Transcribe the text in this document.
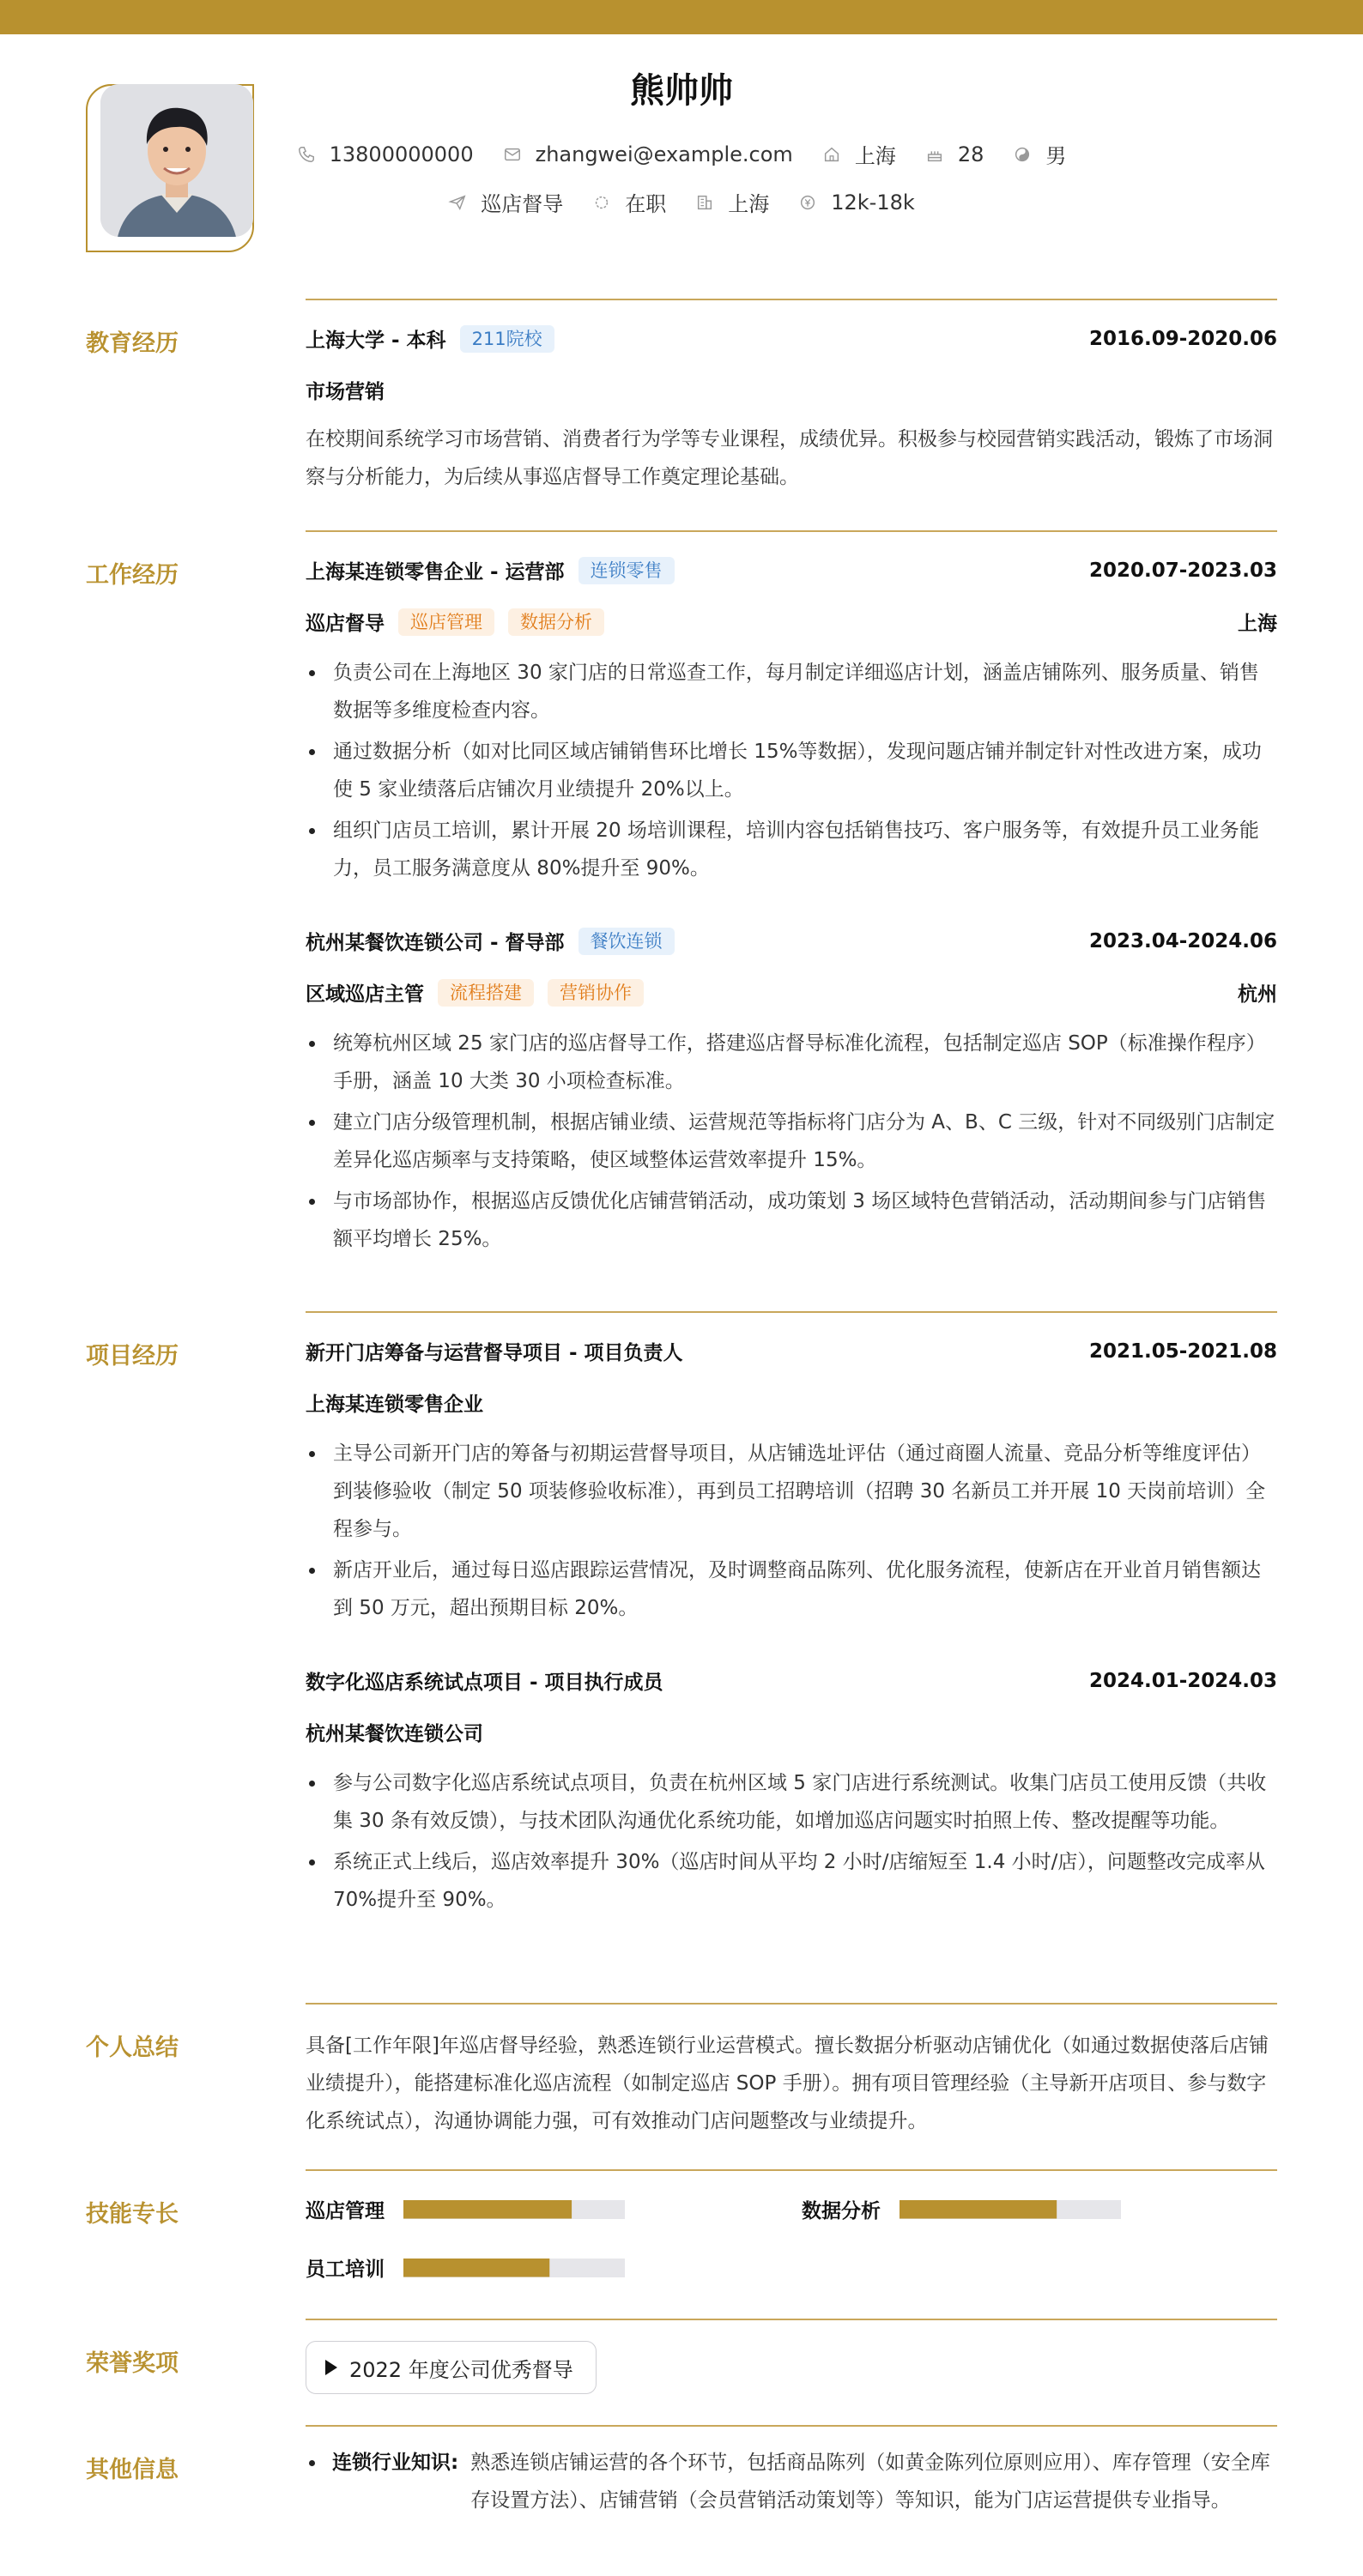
熊帅帅
13800000000	zhangwei@example.com	上海	28	男
巡店督导	在职	上海	12k-18k
教育经历	上海大学 - 本科	211院校	2016.09-2020.06
市场营销
在校期间系统学习市场营销、消费者行为学等专业课程，成绩优异。积极参与校园营销实践活动，锻炼了市场洞察与分析能力，为后续从事巡店督导工作奠定理论基础。
工作经历	上海某连锁零售企业 - 运营部	连锁零售	2020.07-2023.03
巡店督导	巡店管理	数据分析	上海
负责公司在上海地区 30 家门店的日常巡查工作，每月制定详细巡店计划，涵盖店铺陈列、服务质量、销售数据等多维度检查内容。
通过数据分析（如对比同区域店铺销售环比增长 15%等数据），发现问题店铺并制定针对性改进方案，成功使 5 家业绩落后店铺次月业绩提升 20%以上。
组织门店员工培训，累计开展 20 场培训课程，培训内容包括销售技巧、客户服务等，有效提升员工业务能力，员工服务满意度从 80%提升至 90%。
杭州某餐饮连锁公司 - 督导部	餐饮连锁	2023.04-2024.06
区域巡店主管	流程搭建	营销协作	杭州
统筹杭州区域 25 家门店的巡店督导工作，搭建巡店督导标准化流程，包括制定巡店 SOP（标准操作程序）手册，涵盖 10 大类 30 小项检查标准。
建立门店分级管理机制，根据店铺业绩、运营规范等指标将门店分为 A、B、C 三级，针对不同级别门店制定差异化巡店频率与支持策略，使区域整体运营效率提升 15%。
与市场部协作，根据巡店反馈优化店铺营销活动，成功策划 3 场区域特色营销活动，活动期间参与门店销售额平均增长 25%。
项目经历	新开门店筹备与运营督导项目 - 项目负责人	2021.05-2021.08
上海某连锁零售企业
主导公司新开门店的筹备与初期运营督导项目，从店铺选址评估（通过商圈人流量、竞品分析等维度评估）到装修验收（制定 50 项装修验收标准），再到员工招聘培训（招聘 30 名新员工并开展 10 天岗前培训）全程参与。
新店开业后，通过每日巡店跟踪运营情况，及时调整商品陈列、优化服务流程，使新店在开业首月销售额达到 50 万元，超出预期目标 20%。
数字化巡店系统试点项目 - 项目执行成员	2024.01-2024.03
杭州某餐饮连锁公司
参与公司数字化巡店系统试点项目，负责在杭州区域 5 家门店进行系统测试。收集门店员工使用反馈（共收集 30 条有效反馈），与技术团队沟通优化系统功能，如增加巡店问题实时拍照上传、整改提醒等功能。
系统正式上线后，巡店效率提升 30%（巡店时间从平均 2 小时/店缩短至 1.4 小时/店），问题整改完成率从 70%提升至 90%。
个人总结	具备[工作年限]年巡店督导经验，熟悉连锁行业运营模式。擅长数据分析驱动店铺优化（如通过数据使落后店铺业绩提升），能搭建标准化巡店流程（如制定巡店 SOP 手册）。拥有项目管理经验（主导新开店项目、参与数字化系统试点），沟通协调能力强，可有效推动门店问题整改与业绩提升。
技能专长	巡店管理	数据分析
员工培训
荣誉奖项	2022 年度公司优秀督导
其他信息	连锁行业知识: 熟悉连锁店铺运营的各个环节，包括商品陈列（如黄金陈列位原则应用）、库存管理（安全库存设置方法）、店铺营销（会员营销活动策划等）等知识，能为门店运营提供专业指导。
